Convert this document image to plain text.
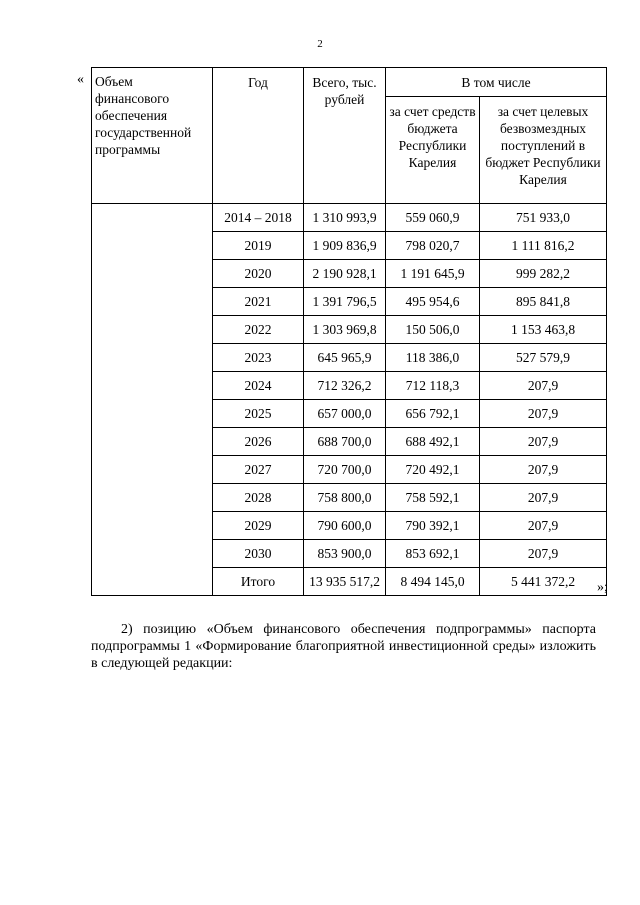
2
« Объем финансового обеспечения государственной программы	Год	Всего, тыс. рублей	В том числе	
			за счет средств бюджета Республики Карелия	за счет целевых безвозмездных поступлений в бюджет Республики Карелия
	2014 – 2018	1 310 993,9	559 060,9	751 933,0
	2019	1 909 836,9	798 020,7	1 111 816,2
	2020	2 190 928,1	1 191 645,9	999 282,2
	2021	1 391 796,5	495 954,6	895 841,8
	2022	1 303 969,8	150 506,0	1 153 463,8
	2023	645 965,9	118 386,0	527 579,9
	2024	712 326,2	712 118,3	207,9
	2025	657 000,0	656 792,1	207,9
	2026	688 700,0	688 492,1	207,9
	2027	720 700,0	720 492,1	207,9
	2028	758 800,0	758 592,1	207,9
	2029	790 600,0	790 392,1	207,9
	2030	853 900,0	853 692,1	207,9
	Итого	13 935 517,2	8 494 145,0	5 441 372,2 »;
2) позицию «Объем финансового обеспечения подпрограммы» паспорта подпрограммы 1 «Формирование благоприятной инвестиционной среды» изложить в следующей редакции:
